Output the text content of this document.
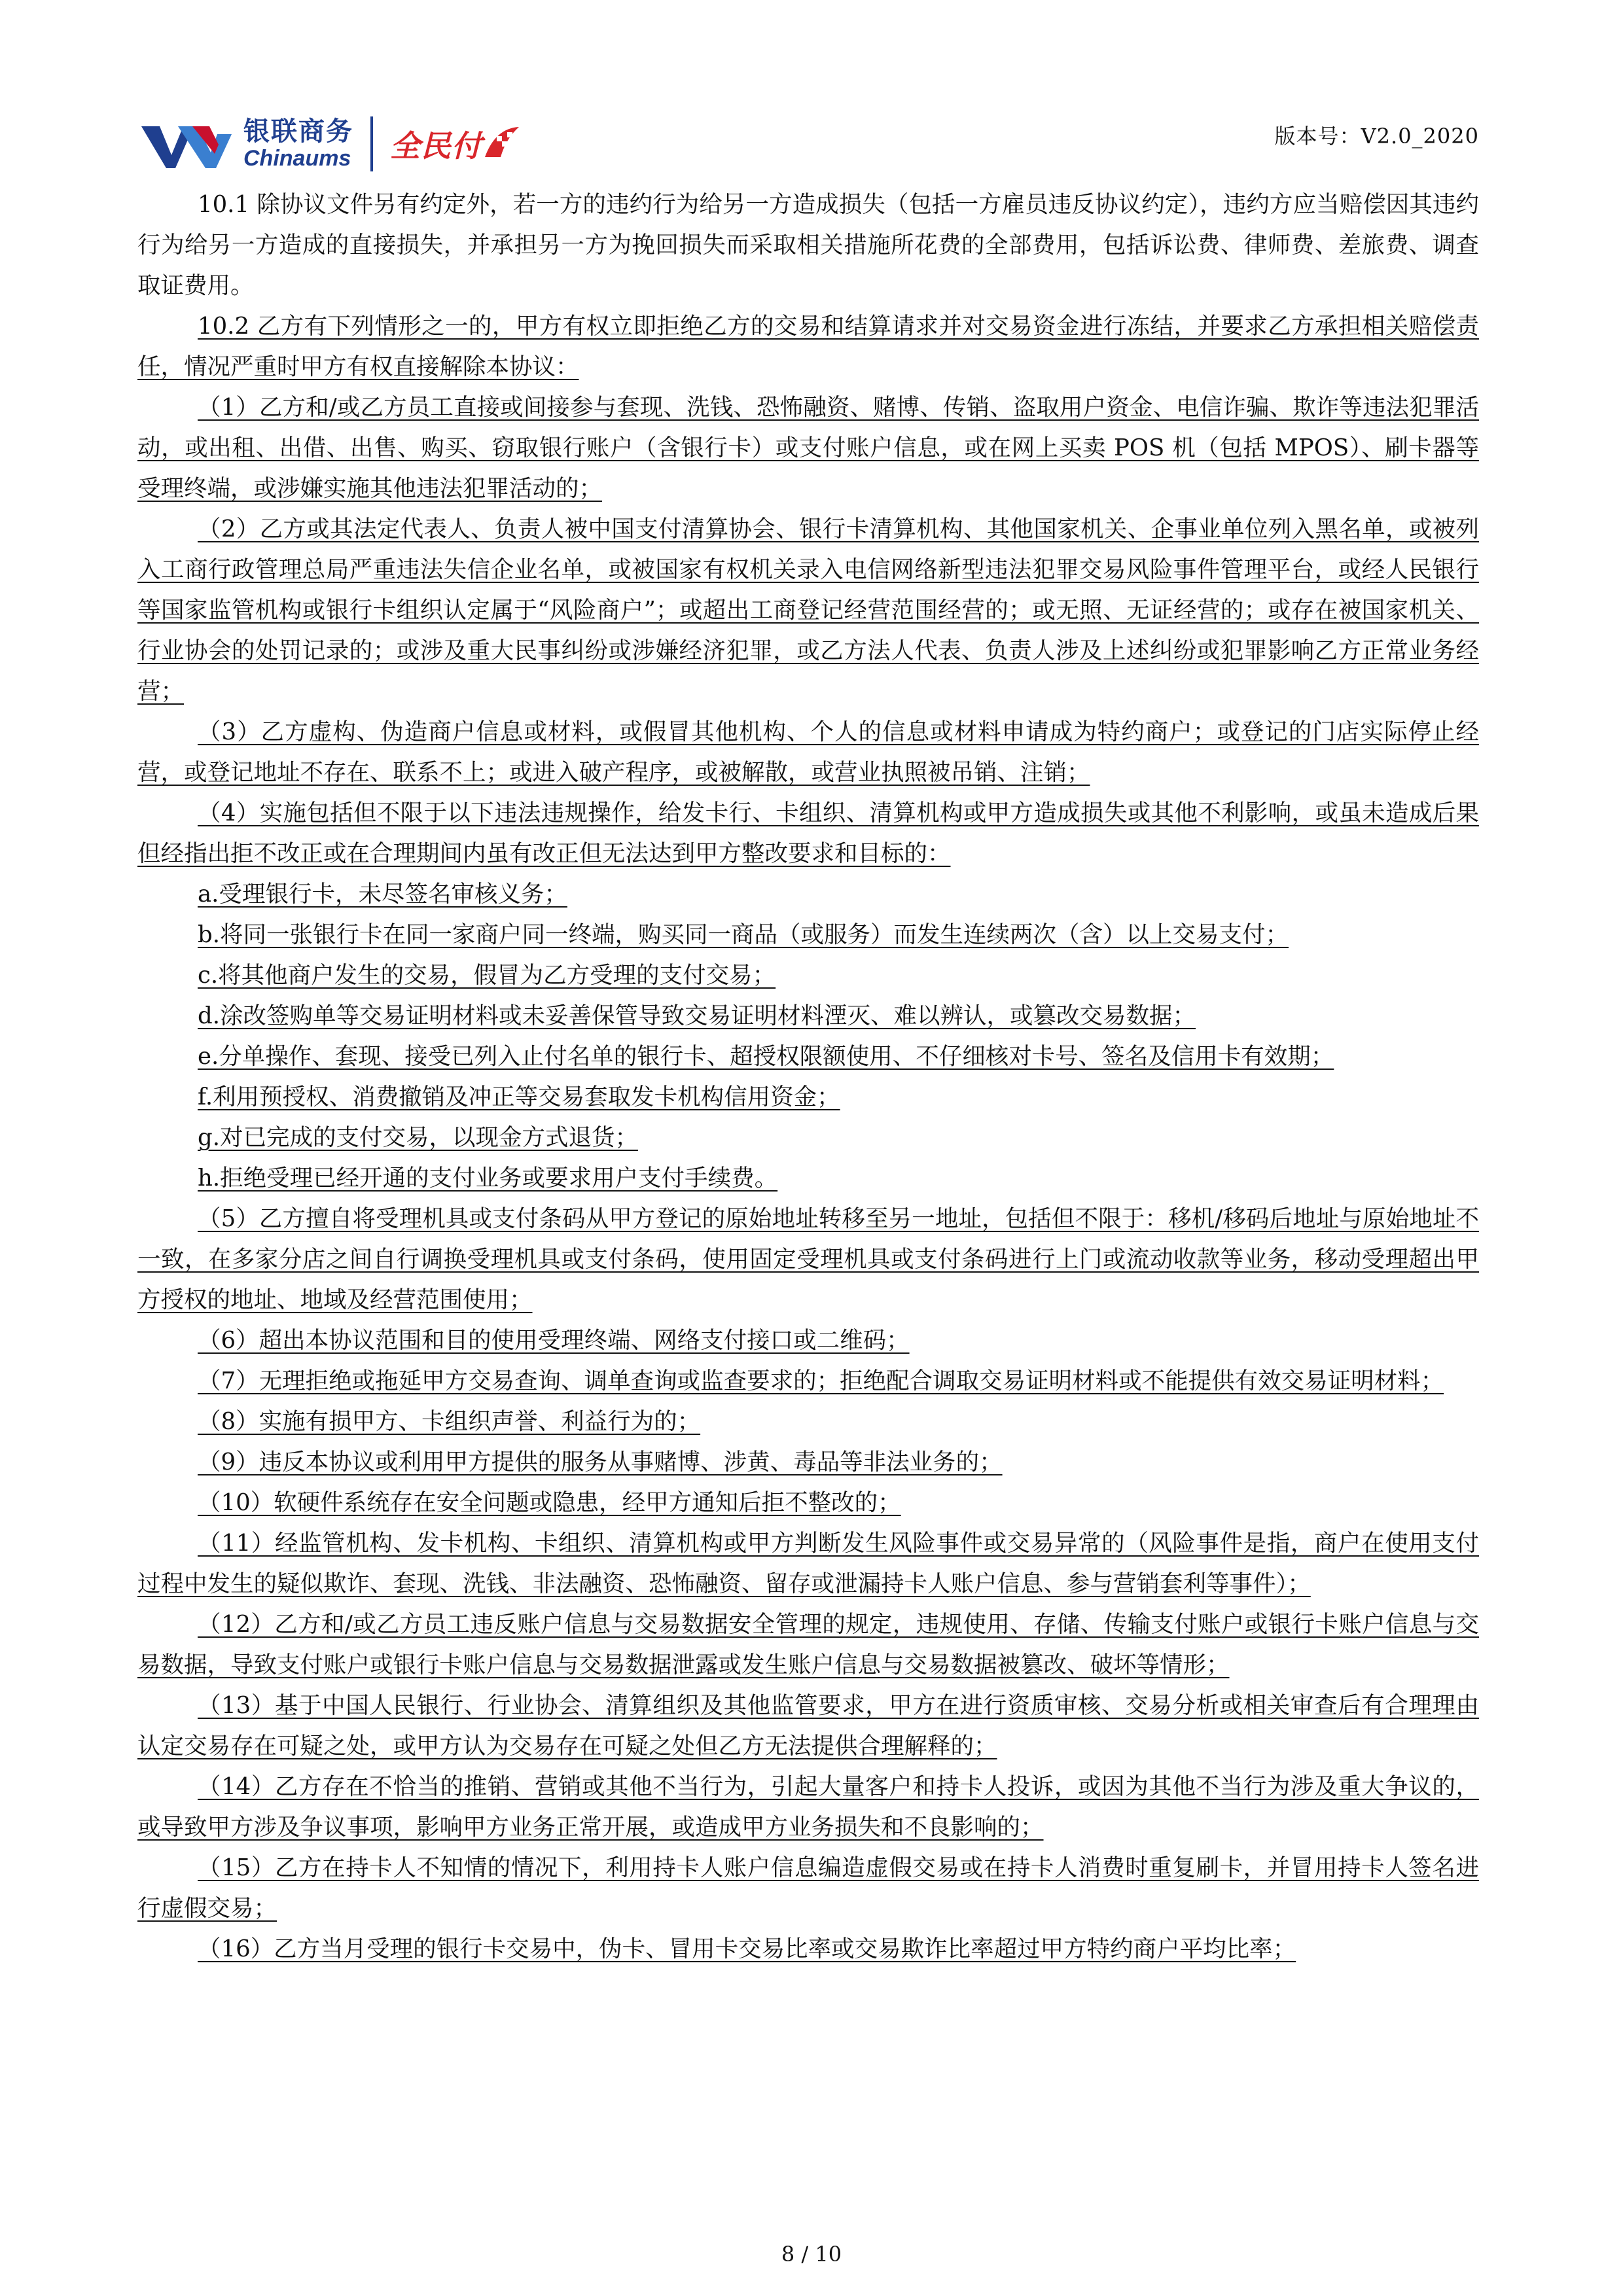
银联商务
Chinaums 全民付	版本号：V2.0_2020

10.1 除协议文件另有约定外，若一方的违约行为给另一方造成损失（包括一方雇员违反协议约定），违约方应当赔偿因其违约行为给另一方造成的直接损失，并承担另一方为挽回损失而采取相关措施所花费的全部费用，包括诉讼费、律师费、差旅费、调查取证费用。

10.2 乙方有下列情形之一的，甲方有权立即拒绝乙方的交易和结算请求并对交易资金进行冻结，并要求乙方承担相关赔偿责任，情况严重时甲方有权直接解除本协议：

（1）乙方和/或乙方员工直接或间接参与套现、洗钱、恐怖融资、赌博、传销、盗取用户资金、电信诈骗、欺诈等违法犯罪活动，或出租、出借、出售、购买、窃取银行账户（含银行卡）或支付账户信息，或在网上买卖 POS 机（包括 MPOS）、刷卡器等受理终端，或涉嫌实施其他违法犯罪活动的；

（2）乙方或其法定代表人、负责人被中国支付清算协会、银行卡清算机构、其他国家机关、企事业单位列入黑名单，或被列入工商行政管理总局严重违法失信企业名单，或被国家有权机关录入电信网络新型违法犯罪交易风险事件管理平台，或经人民银行等国家监管机构或银行卡组织认定属于“风险商户”；或超出工商登记经营范围经营的；或无照、无证经营的；或存在被国家机关、行业协会的处罚记录的；或涉及重大民事纠纷或涉嫌经济犯罪，或乙方法人代表、负责人涉及上述纠纷或犯罪影响乙方正常业务经营；

（3）乙方虚构、伪造商户信息或材料，或假冒其他机构、个人的信息或材料申请成为特约商户；或登记的门店实际停止经营，或登记地址不存在、联系不上；或进入破产程序，或被解散，或营业执照被吊销、注销；

（4）实施包括但不限于以下违法违规操作，给发卡行、卡组织、清算机构或甲方造成损失或其他不利影响，或虽未造成后果但经指出拒不改正或在合理期间内虽有改正但无法达到甲方整改要求和目标的：

a.受理银行卡，未尽签名审核义务；

b.将同一张银行卡在同一家商户同一终端，购买同一商品（或服务）而发生连续两次（含）以上交易支付；

c.将其他商户发生的交易，假冒为乙方受理的支付交易；

d.涂改签购单等交易证明材料或未妥善保管导致交易证明材料湮灭、难以辨认，或篡改交易数据；

e.分单操作、套现、接受已列入止付名单的银行卡、超授权限额使用、不仔细核对卡号、签名及信用卡有效期；

f.利用预授权、消费撤销及冲正等交易套取发卡机构信用资金；

g.对已完成的支付交易，以现金方式退货；

h.拒绝受理已经开通的支付业务或要求用户支付手续费。

（5）乙方擅自将受理机具或支付条码从甲方登记的原始地址转移至另一地址，包括但不限于：移机/移码后地址与原始地址不一致，在多家分店之间自行调换受理机具或支付条码，使用固定受理机具或支付条码进行上门或流动收款等业务，移动受理超出甲方授权的地址、地域及经营范围使用；

（6）超出本协议范围和目的使用受理终端、网络支付接口或二维码；

（7）无理拒绝或拖延甲方交易查询、调单查询或监查要求的；拒绝配合调取交易证明材料或不能提供有效交易证明材料；

（8）实施有损甲方、卡组织声誉、利益行为的；

（9）违反本协议或利用甲方提供的服务从事赌博、涉黄、毒品等非法业务的；

（10）软硬件系统存在安全问题或隐患，经甲方通知后拒不整改的；

（11）经监管机构、发卡机构、卡组织、清算机构或甲方判断发生风险事件或交易异常的（风险事件是指，商户在使用支付过程中发生的疑似欺诈、套现、洗钱、非法融资、恐怖融资、留存或泄漏持卡人账户信息、参与营销套利等事件）；

（12）乙方和/或乙方员工违反账户信息与交易数据安全管理的规定，违规使用、存储、传输支付账户或银行卡账户信息与交易数据，导致支付账户或银行卡账户信息与交易数据泄露或发生账户信息与交易数据被篡改、破坏等情形；

（13）基于中国人民银行、行业协会、清算组织及其他监管要求，甲方在进行资质审核、交易分析或相关审查后有合理理由认定交易存在可疑之处，或甲方认为交易存在可疑之处但乙方无法提供合理解释的；

（14）乙方存在不恰当的推销、营销或其他不当行为，引起大量客户和持卡人投诉，或因为其他不当行为涉及重大争议的，或导致甲方涉及争议事项，影响甲方业务正常开展，或造成甲方业务损失和不良影响的；

（15）乙方在持卡人不知情的情况下，利用持卡人账户信息编造虚假交易或在持卡人消费时重复刷卡，并冒用持卡人签名进行虚假交易；

（16）乙方当月受理的银行卡交易中，伪卡、冒用卡交易比率或交易欺诈比率超过甲方特约商户平均比率；

8 / 10
